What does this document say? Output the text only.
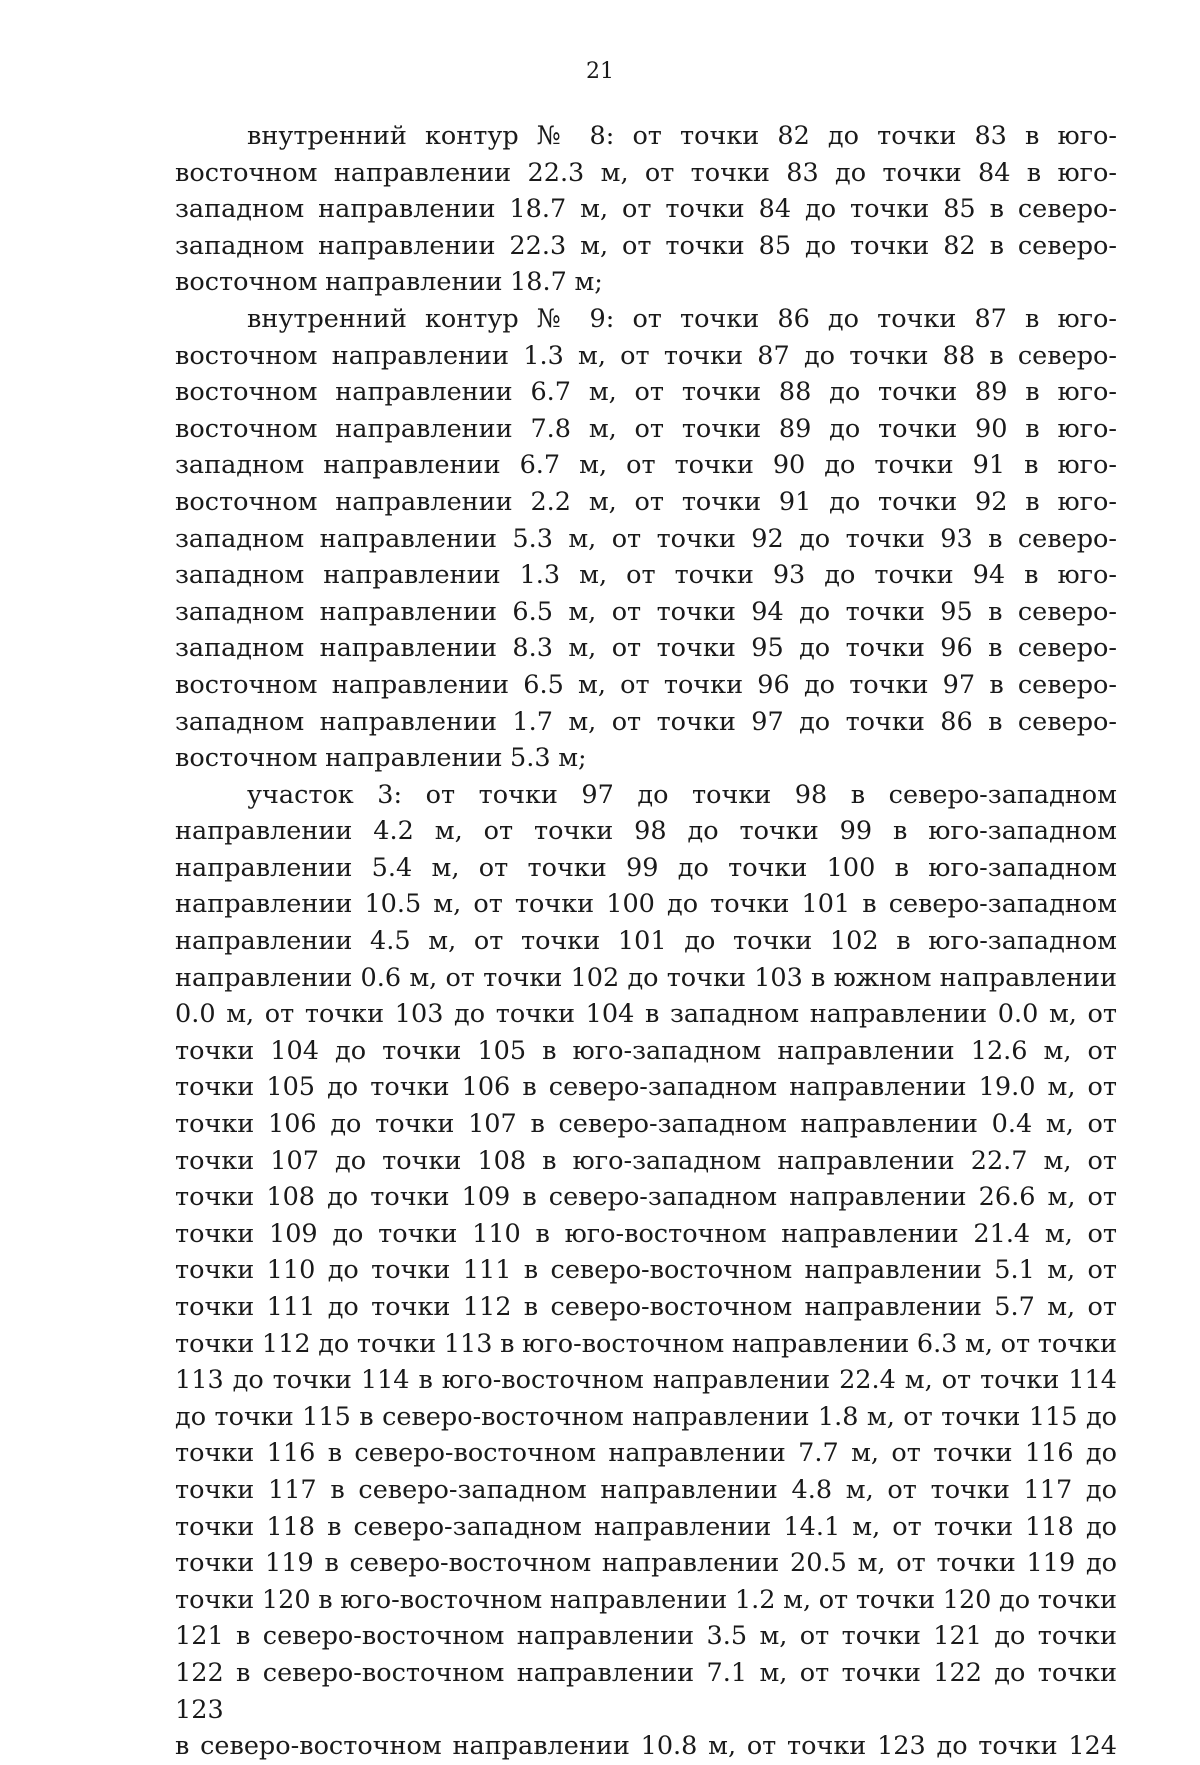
21

внутренний контур № 8: от точки 82 до точки 83 в юго-восточном направлении 22.3 м, от точки 83 до точки 84 в юго-западном направлении 18.7 м, от точки 84 до точки 85 в северо-западном направлении 22.3 м, от точки 85 до точки 82 в северо-восточном направлении 18.7 м;

внутренний контур № 9: от точки 86 до точки 87 в юго-восточном направлении 1.3 м, от точки 87 до точки 88 в северо-восточном направлении 6.7 м, от точки 88 до точки 89 в юго-восточном направлении 7.8 м, от точки 89 до точки 90 в юго-западном направлении 6.7 м, от точки 90 до точки 91 в юго-восточном направлении 2.2 м, от точки 91 до точки 92 в юго-западном направлении 5.3 м, от точки 92 до точки 93 в северо-западном направлении 1.3 м, от точки 93 до точки 94 в юго-западном направлении 6.5 м, от точки 94 до точки 95 в северо-западном направлении 8.3 м, от точки 95 до точки 96 в северо-восточном направлении 6.5 м, от точки 96 до точки 97 в северо-западном направлении 1.7 м, от точки 97 до точки 86 в северо-восточном направлении 5.3 м;

участок 3: от точки 97 до точки 98 в северо-западном направлении 4.2 м, от точки 98 до точки 99 в юго-западном направлении 5.4 м, от точки 99 до точки 100 в юго-западном направлении 10.5 м, от точки 100 до точки 101 в северо-западном направлении 4.5 м, от точки 101 до точки 102 в юго-западном направлении 0.6 м, от точки 102 до точки 103 в южном направлении 0.0 м, от точки 103 до точки 104 в западном направлении 0.0 м, от точки 104 до точки 105 в юго-западном направлении 12.6 м, от точки 105 до точки 106 в северо-западном направлении 19.0 м, от точки 106 до точки 107 в северо-западном направлении 0.4 м, от точки 107 до точки 108 в юго-западном направлении 22.7 м, от точки 108 до точки 109 в северо-западном направлении 26.6 м, от точки 109 до точки 110 в юго-восточном направлении 21.4 м, от точки 110 до точки 111 в северо-восточном направлении 5.1 м, от точки 111 до точки 112 в северо-восточном направлении 5.7 м, от точки 112 до точки 113 в юго-восточном направлении 6.3 м, от точки 113 до точки 114 в юго-восточном направлении 22.4 м, от точки 114 до точки 115 в северо-восточном направлении 1.8 м, от точки 115 до точки 116 в северо-восточном направлении 7.7 м, от точки 116 до точки 117 в северо-западном направлении 4.8 м, от точки 117 до точки 118 в северо-западном направлении 14.1 м, от точки 118 до точки 119 в северо-восточном направлении 20.5 м, от точки 119 до точки 120 в юго-восточном направлении 1.2 м, от точки 120 до точки 121 в северо-восточном направлении 3.5 м, от точки 121 до точки 122 в северо-восточном направлении 7.1 м, от точки 122 до точки 123

в северо-восточном направлении 10.8 м, от точки 123 до точки 124
